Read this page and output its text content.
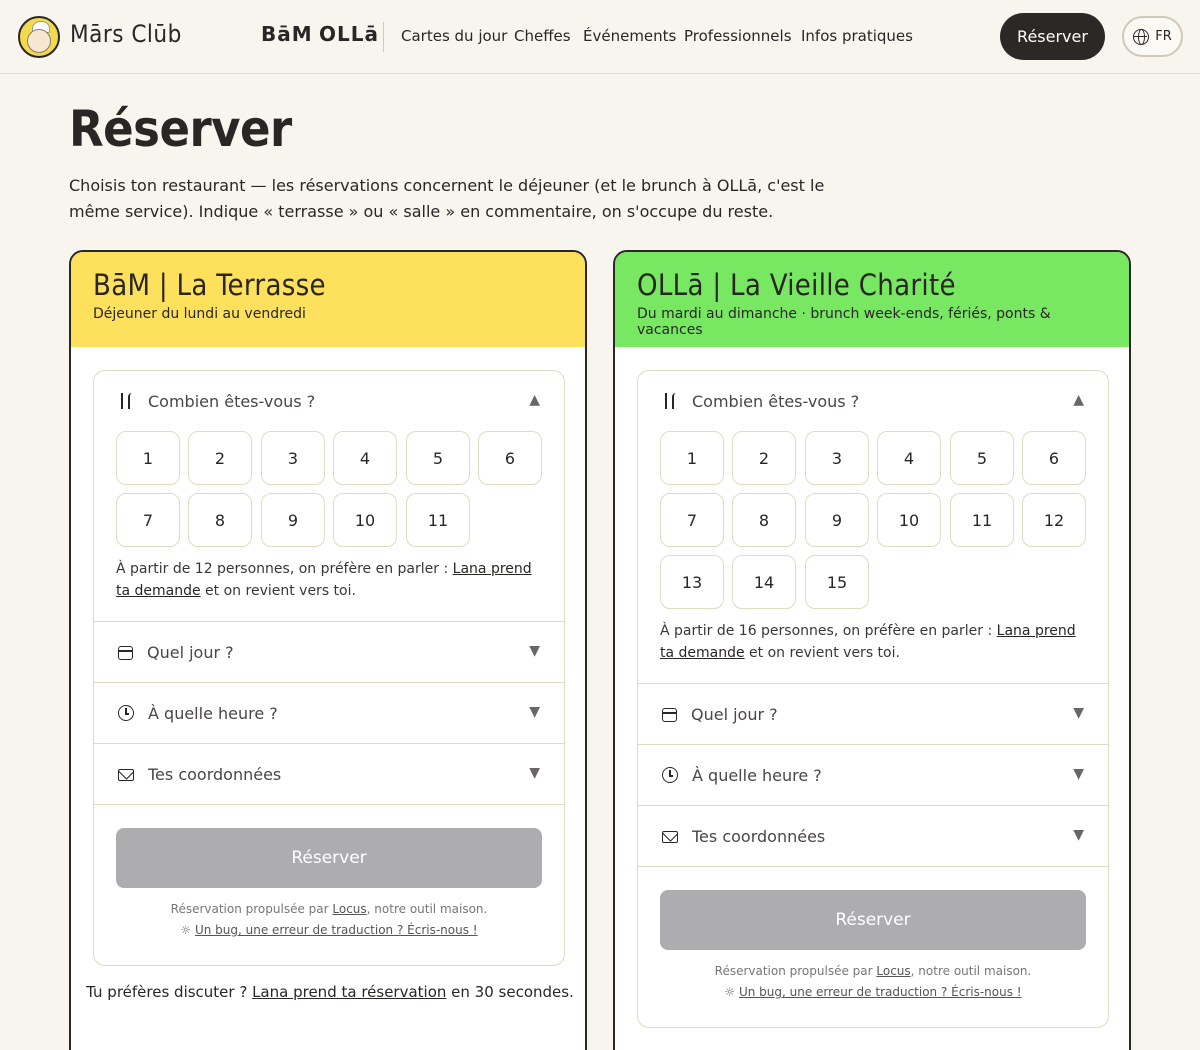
Mārs Clūb	BāM OLLā Cartes du jour Cheffes Événements Professionnels Infos pratiques	Réserver	FR
Réserver

Choisis ton restaurant — les réservations concernent le déjeuner (et le brunch à OLLā, c'est le même service). Indique « terrasse » ou « salle » en commentaire, on s'occupe du reste.

BāM | La Terrasse
Déjeuner du lundi au vendredi
Combien êtes-vous ?	▲
1	2	3	4	5	6
7	8	9	10	11
À partir de 12 personnes, on préfère en parler : Lana prend ta demande et on revient vers toi.
Quel jour ?	▼
À quelle heure ?	▼
Tes coordonnées	▼
Réserver
Réservation propulsée par Locus, notre outil maison.
☼ Un bug, une erreur de traduction ? Écris-nous !
Tu préfères discuter ? Lana prend ta réservation en 30 secondes.
OLLā | La Vieille Charité
Du mardi au dimanche · brunch week-ends, fériés, ponts & vacances
Combien êtes-vous ?	▲
1	2	3	4	5	6
7	8	9	10	11	12
13	14	15
À partir de 16 personnes, on préfère en parler : Lana prend ta demande et on revient vers toi.
Quel jour ?	▼
À quelle heure ?	▼
Tes coordonnées	▼
Réserver
Réservation propulsée par Locus, notre outil maison.
☼ Un bug, une erreur de traduction ? Écris-nous !
